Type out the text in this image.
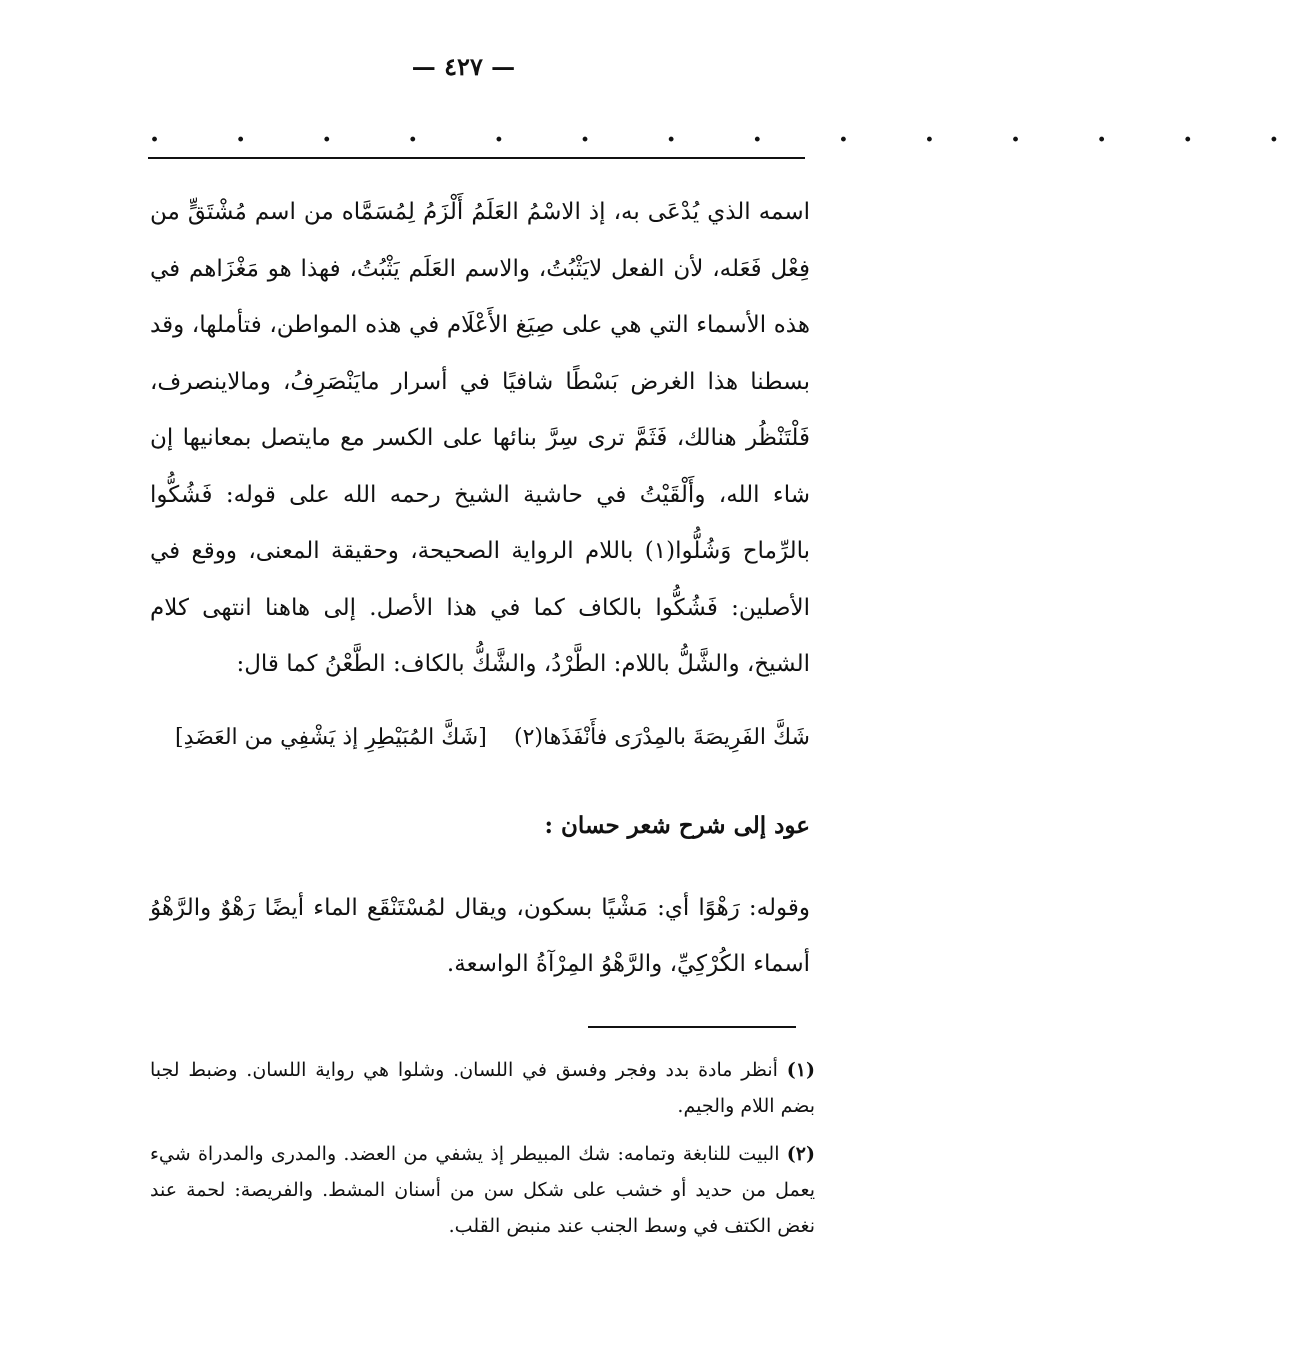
— ٤٢٧ —
. . . . . . . . . . . . . .

اسمه الذي يُدْعَى به، إذ الاسْمُ العَلَمُ أَلْزَمُ لِمُسَمَّاه من اسم مُشْتَقٍّ من فِعْل فَعَله، لأن الفعل لايَثْبُتُ، والاسم العَلَم يَثْبُتُ، فهذا هو مَغْزَاهم في هذه الأسماء التي هي على صِيَغ الأَعْلَام في هذه المواطن، فتأملها، وقد بسطنا هذا الغرض بَسْطًا شافيًا في أسرار مايَنْصَرِفُ، ومالاينصرف، فَلْتَنْظُر هنالك، فَثَمَّ ترى سِرَّ بنائها على الكسر مع مايتصل بمعانيها إن شاء الله، وأَلْقَيْتُ في حاشية الشيخ رحمه الله على قوله: فَشُكُّوا بالرِّماح وَشُلُّوا(١) باللام الرواية الصحيحة، وحقيقة المعنى، ووقع في الأصلين: فَشُكُّوا بالكاف كما في هذا الأصل. إلى هاهنا انتهى كلام الشيخ، والشَّلُّ باللام: الطَّرْدُ، والشَّكُّ بالكاف: الطَّعْنُ كما قال:

شَكَّ الفَرِيصَةَ بالمِدْرَى فأَنْفَذَها(٢)
[شَكَّ المُبَيْطِرِ إذ يَشْفِي من العَضَدِ]
عود إلى شرح شعر حسان :

وقوله: رَهْوًا أي: مَشْيًا بسكون، ويقال لمُسْتَنْقَع الماء أيضًا رَهْوٌ والرَّهْوُ أسماء الكُرْكِيِّ، والرَّهْوُ المِرْآةُ الواسعة.

(١) أنظر مادة بدد وفجر وفسق في اللسان. وشلوا هي رواية اللسان. وضبط لجبا بضم اللام والجيم.

(٢) البيت للنابغة وتمامه: شك المبيطر إذ يشفي من العضد. والمدرى والمدراة شيء يعمل من حديد أو خشب على شكل سن من أسنان المشط. والفريصة: لحمة عند نغض الكتف في وسط الجنب عند منبض القلب.
